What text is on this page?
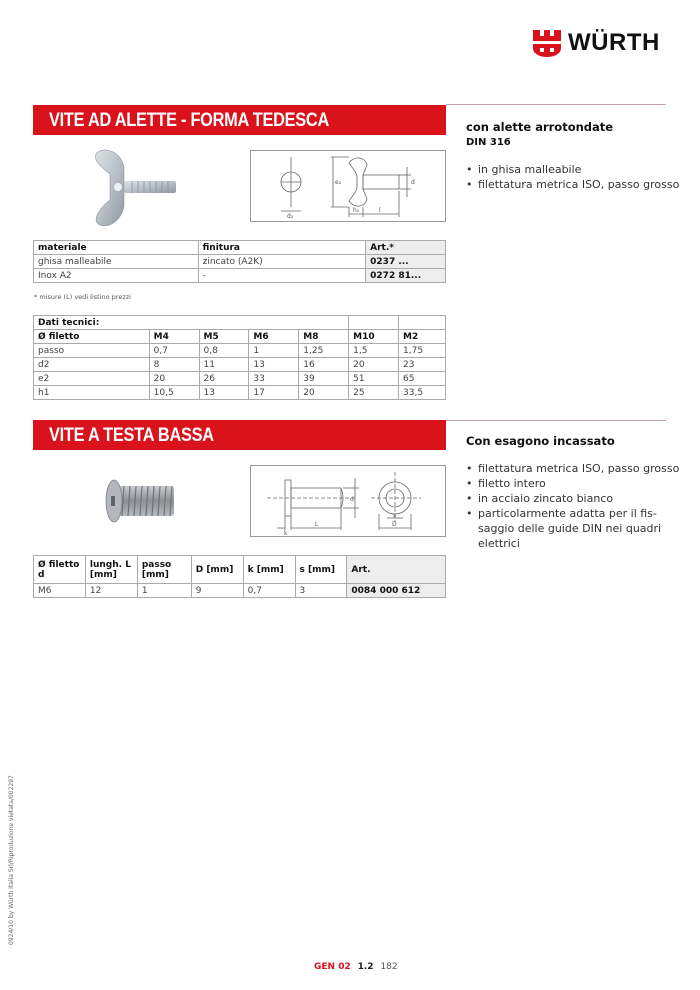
WÜRTH
VITE AD ALETTE - FORMA TEDESCA	con alette arrotondate
DIN 316
• in ghisa malleabile
• filettatura metrica ISO, passo grosso
d₂
e₂
h₁	l
d
materiale	finitura	Art.*
ghisa malleabile	zincato (A2K)	0237 ...
Inox A2	-	0272 81...
* misure (L) vedi listino prezzi
Dati tecnici:						
Ø filetto	M4	M5	M6	M8	M10	M2
passo	0,7	0,8	1	1,25	1,5	1,75
d2	8	11	13	16	20	23
e2	20	26	33	39	51	65
h1	10,5	13	17	20	25	33,5
VITE A TESTA BASSA	Con esagono incassato
• filettatura metrica ISO, passo grosso
• filetto intero
• in acciaio zincato bianco
• particolarmente adatta per il fis-saggio delle guide DIN nei quadri elettrici
k
L
d
s
D
Ø filetto d	lungh. L [mm]	passo [mm]	D [mm]	k [mm]	s [mm]	Art.
M6	12	1	9	0,7	3	0084 000 612
0924/10 by Würth Italia Srl/Riproduzione vietata/002297
GEN 02 1.2 182
